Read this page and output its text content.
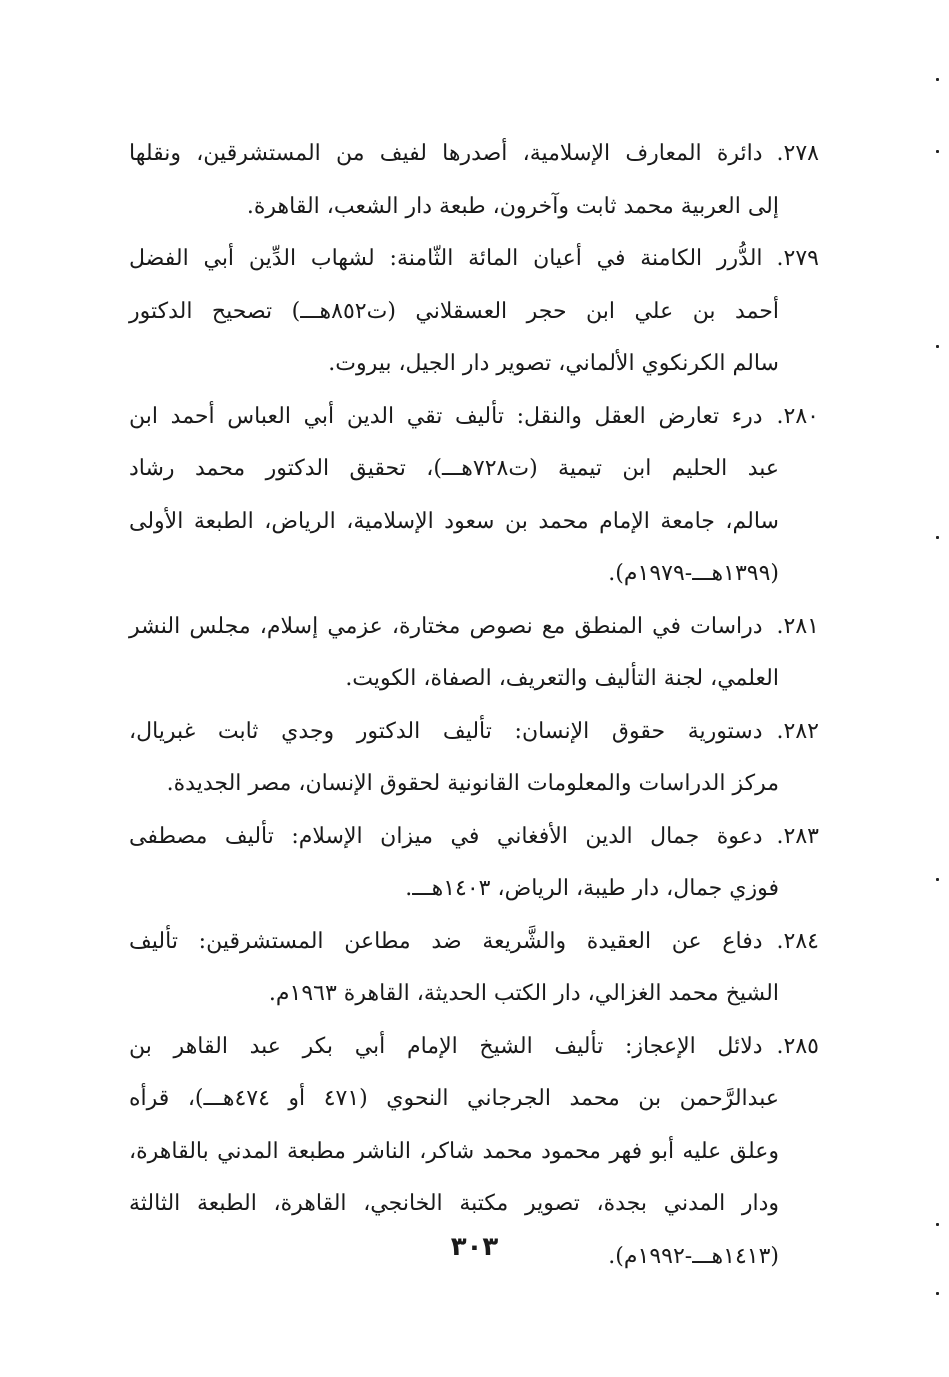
٢٧٨.دائرة المعارف الإسلامية، أصدرها لفيف من المستشرقين، ونقلها
إلى العربية محمد ثابت وآخرون، طبعة دار الشعب، القاهرة.
٢٧٩.الدُّرر الكامنة في أعيان المائة الثّامنة: لشهاب الدِّين أبي الفضل
أحمد بن علي ابن حجر العسقلاني (ت٨٥٢هـــ) تصحيح الدكتور
سالم الكرنكوي الألماني، تصوير دار الجيل، بيروت.
٢٨٠.درء تعارض العقل والنقل: تأليف تقي الدين أبي العباس أحمد ابن
عبد الحليم ابن تيمية (ت٧٢٨هـــ)، تحقيق الدكتور محمد رشاد
سالم، جامعة الإمام محمد بن سعود الإسلامية، الرياض، الطبعة الأولى
(١٣٩٩هـــ-١٩٧٩م).
٢٨١.دراسات في المنطق مع نصوص مختارة، عزمي إسلام، مجلس النشر
العلمي، لجنة التأليف والتعريف، الصفاة، الكويت.
٢٨٢.دستورية حقوق الإنسان: تأليف الدكتور وجدي ثابت غبريال،
مركز الدراسات والمعلومات القانونية لحقوق الإنسان، مصر الجديدة.
٢٨٣.دعوة جمال الدين الأفغاني في ميزان الإسلام: تأليف مصطفى
فوزي جمال، دار طيبة، الرياض، ١٤٠٣هـــ.
٢٨٤.دفاع عن العقيدة والشَّريعة ضد مطاعن المستشرقين: تأليف
الشيخ محمد الغزالي، دار الكتب الحديثة، القاهرة ١٩٦٣م.
٢٨٥.دلائل الإعجاز: تأليف الشيخ الإمام أبي بكر عبد القاهر بن
عبدالرَّحمن بن محمد الجرجاني النحوي (٤٧١ أو ٤٧٤هـــ)، قرأه
وعلق عليه أبو فهر محمود محمد شاكر، الناشر مطبعة المدني بالقاهرة،
ودار المدني بجدة، تصوير مكتبة الخانجي، القاهرة، الطبعة الثالثة
(١٤١٣هـــ-١٩٩٢م).
٣٠٣
